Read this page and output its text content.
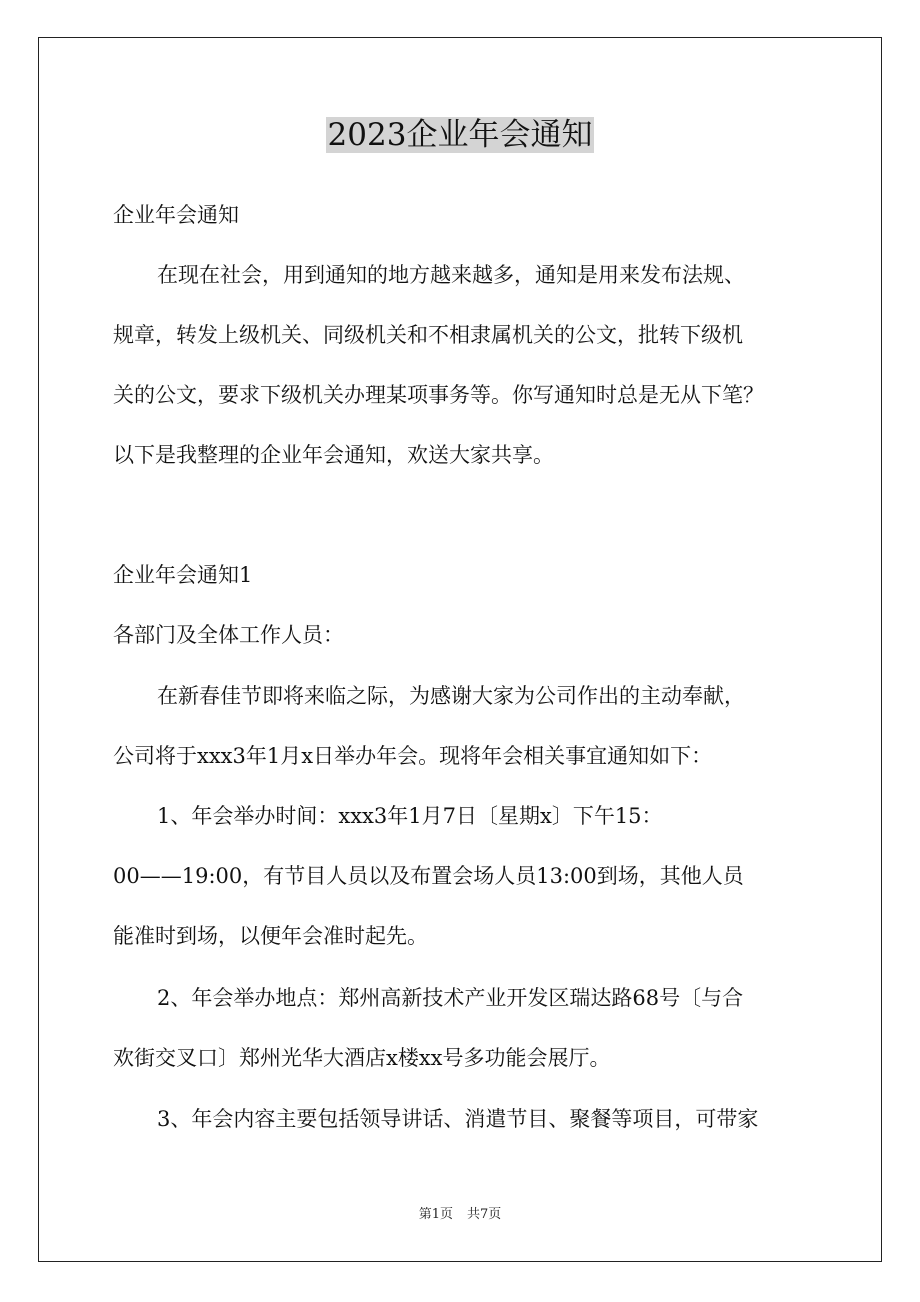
2023企业年会通知
企业年会通知
在现在社会，用到通知的地方越来越多，通知是用来发布法规、
规章，转发上级机关、同级机关和不相隶属机关的公文，批转下级机
关的公文，要求下级机关办理某项事务等。你写通知时总是无从下笔？
以下是我整理的企业年会通知，欢送大家共享。
企业年会通知1
各部门及全体工作人员：
在新春佳节即将来临之际，为感谢大家为公司作出的主动奉献，
公司将于xxx3年1月x日举办年会。现将年会相关事宜通知如下：
1、年会举办时间：xxx3年1月7日〔星期x〕下午15：
00——19:00，有节目人员以及布置会场人员13:00到场，其他人员
能准时到场，以便年会准时起先。
2、年会举办地点：郑州高新技术产业开发区瑞达路68号〔与合
欢街交叉口〕郑州光华大酒店x楼xx号多功能会展厅。
3、年会内容主要包括领导讲话、消遣节目、聚餐等项目，可带家
第1页 共7页
